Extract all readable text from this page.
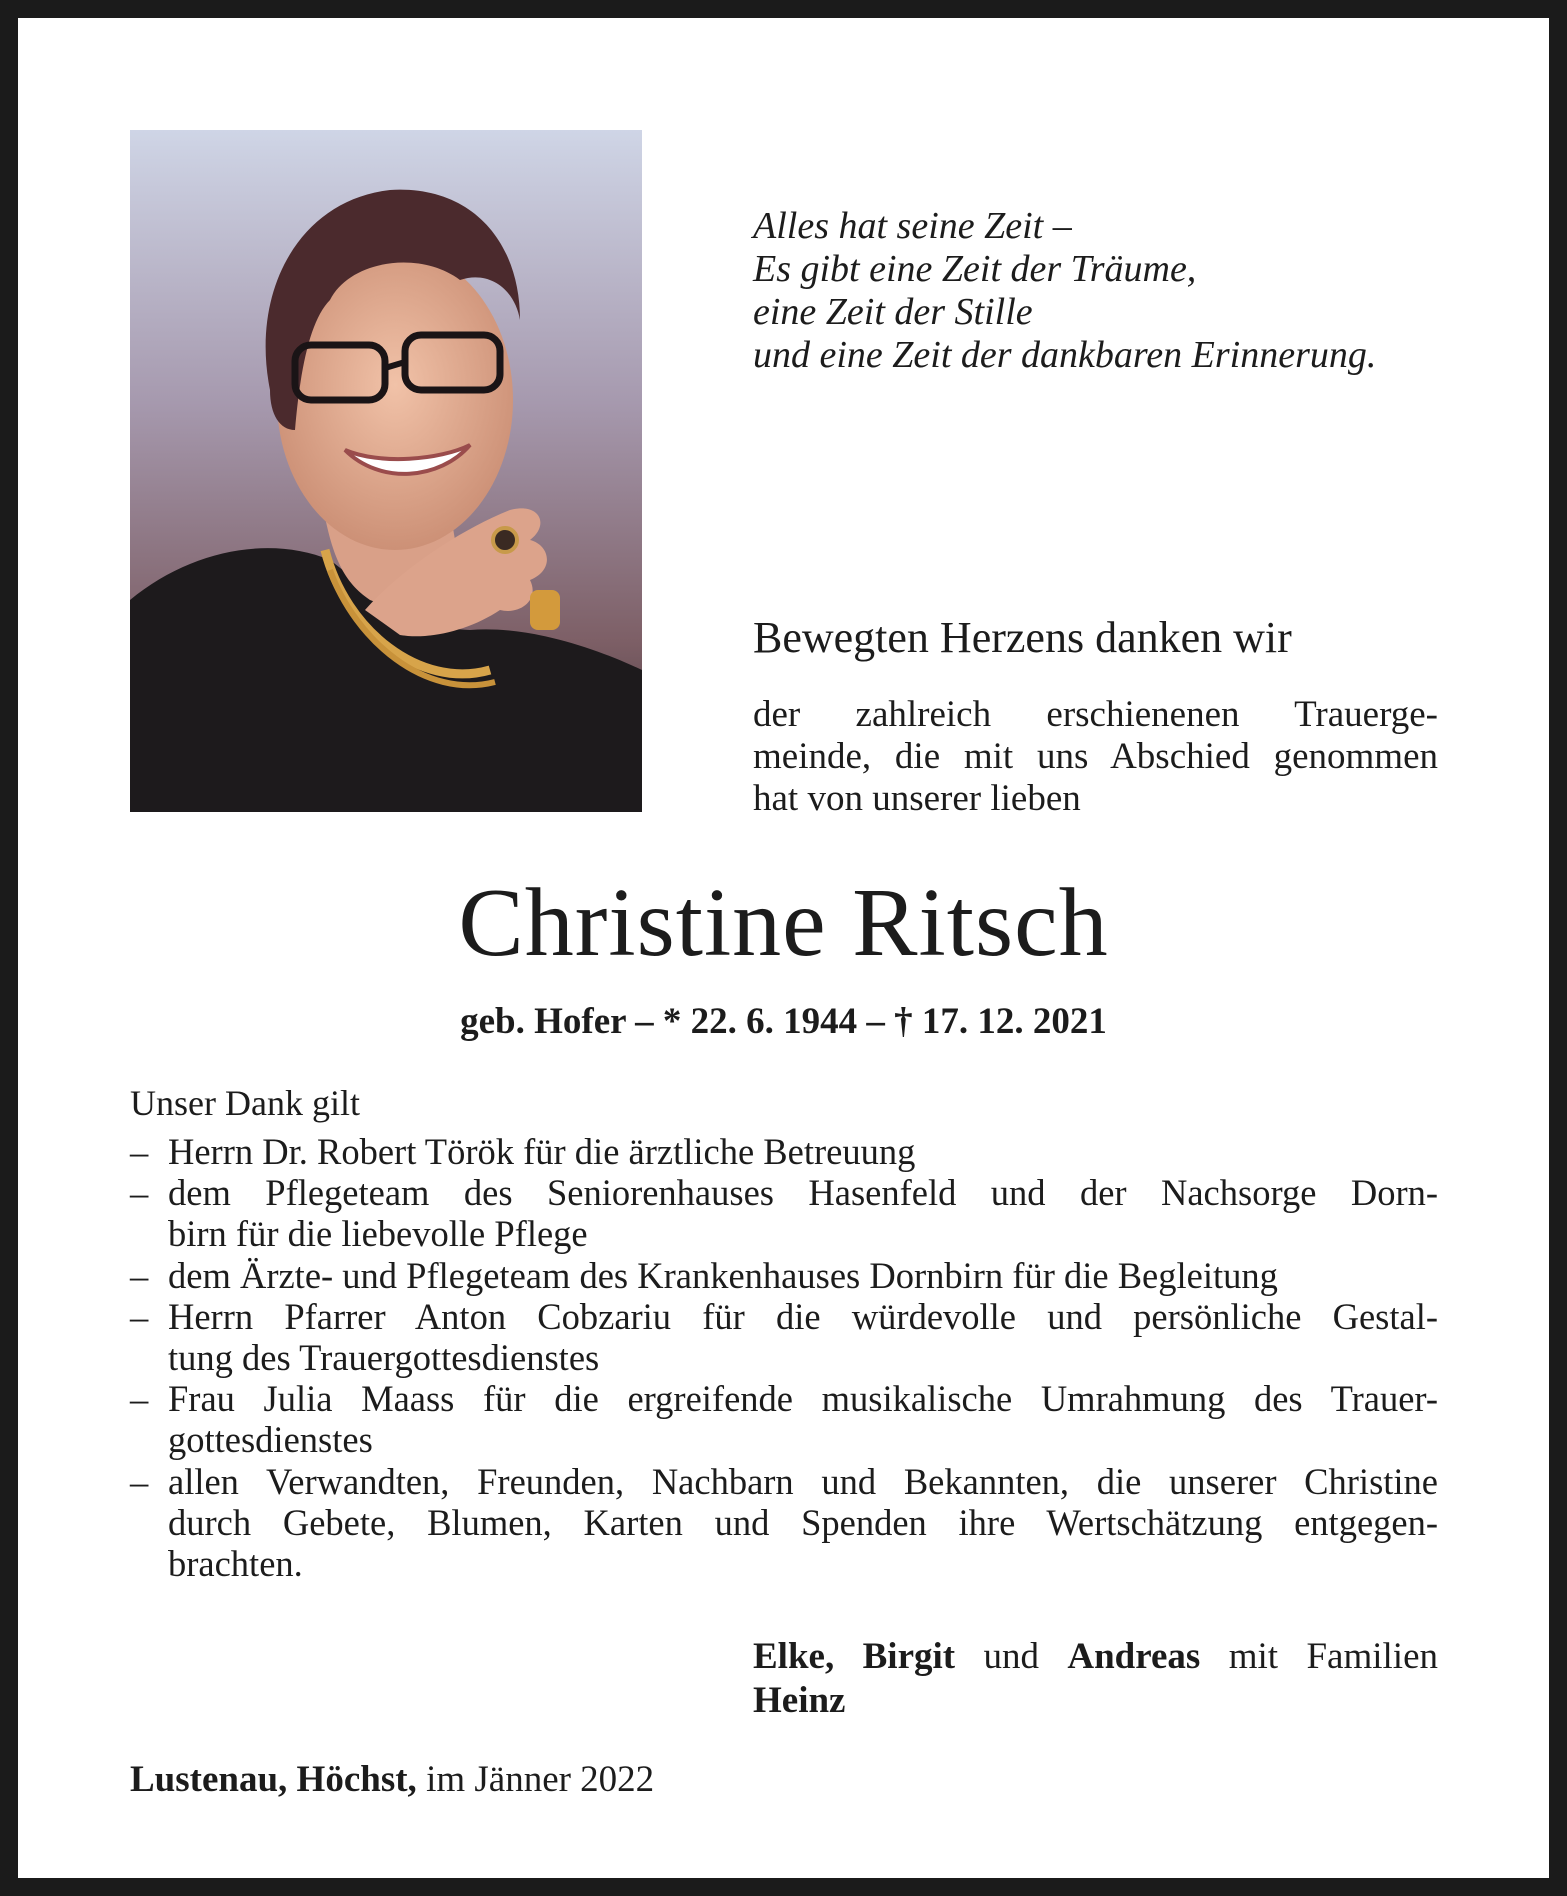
Alles hat seine Zeit –
Es gibt eine Zeit der Träume,
eine Zeit der Stille
und eine Zeit der dankbaren Erinnerung.
Bewegten Herzens danken wir
der zahlreich erschienenen Trauerge-
meinde, die mit uns Abschied genommen
hat von unserer lieben
Christine Ritsch
geb. Hofer – * 22. 6. 1944 – † 17. 12. 2021
Unser Dank gilt
– Herrn Dr. Robert Török für die ärztliche Betreuung
– dem Pflegeteam des Seniorenhauses Hasenfeld und der Nachsorge Dorn-
birn für die liebevolle Pflege
– dem Ärzte- und Pflegeteam des Krankenhauses Dornbirn für die Begleitung
– Herrn Pfarrer Anton Cobzariu für die würdevolle und persönliche Gestal-
tung des Trauergottesdienstes
– Frau Julia Maass für die ergreifende musikalische Umrahmung des Trauer-
gottesdienstes
– allen Verwandten, Freunden, Nachbarn und Bekannten, die unserer Christine
durch Gebete, Blumen, Karten und Spenden ihre Wertschätzung entgegen-
brachten.
Elke, Birgit und Andreas mit Familien
Heinz
Lustenau, Höchst, im Jänner 2022
